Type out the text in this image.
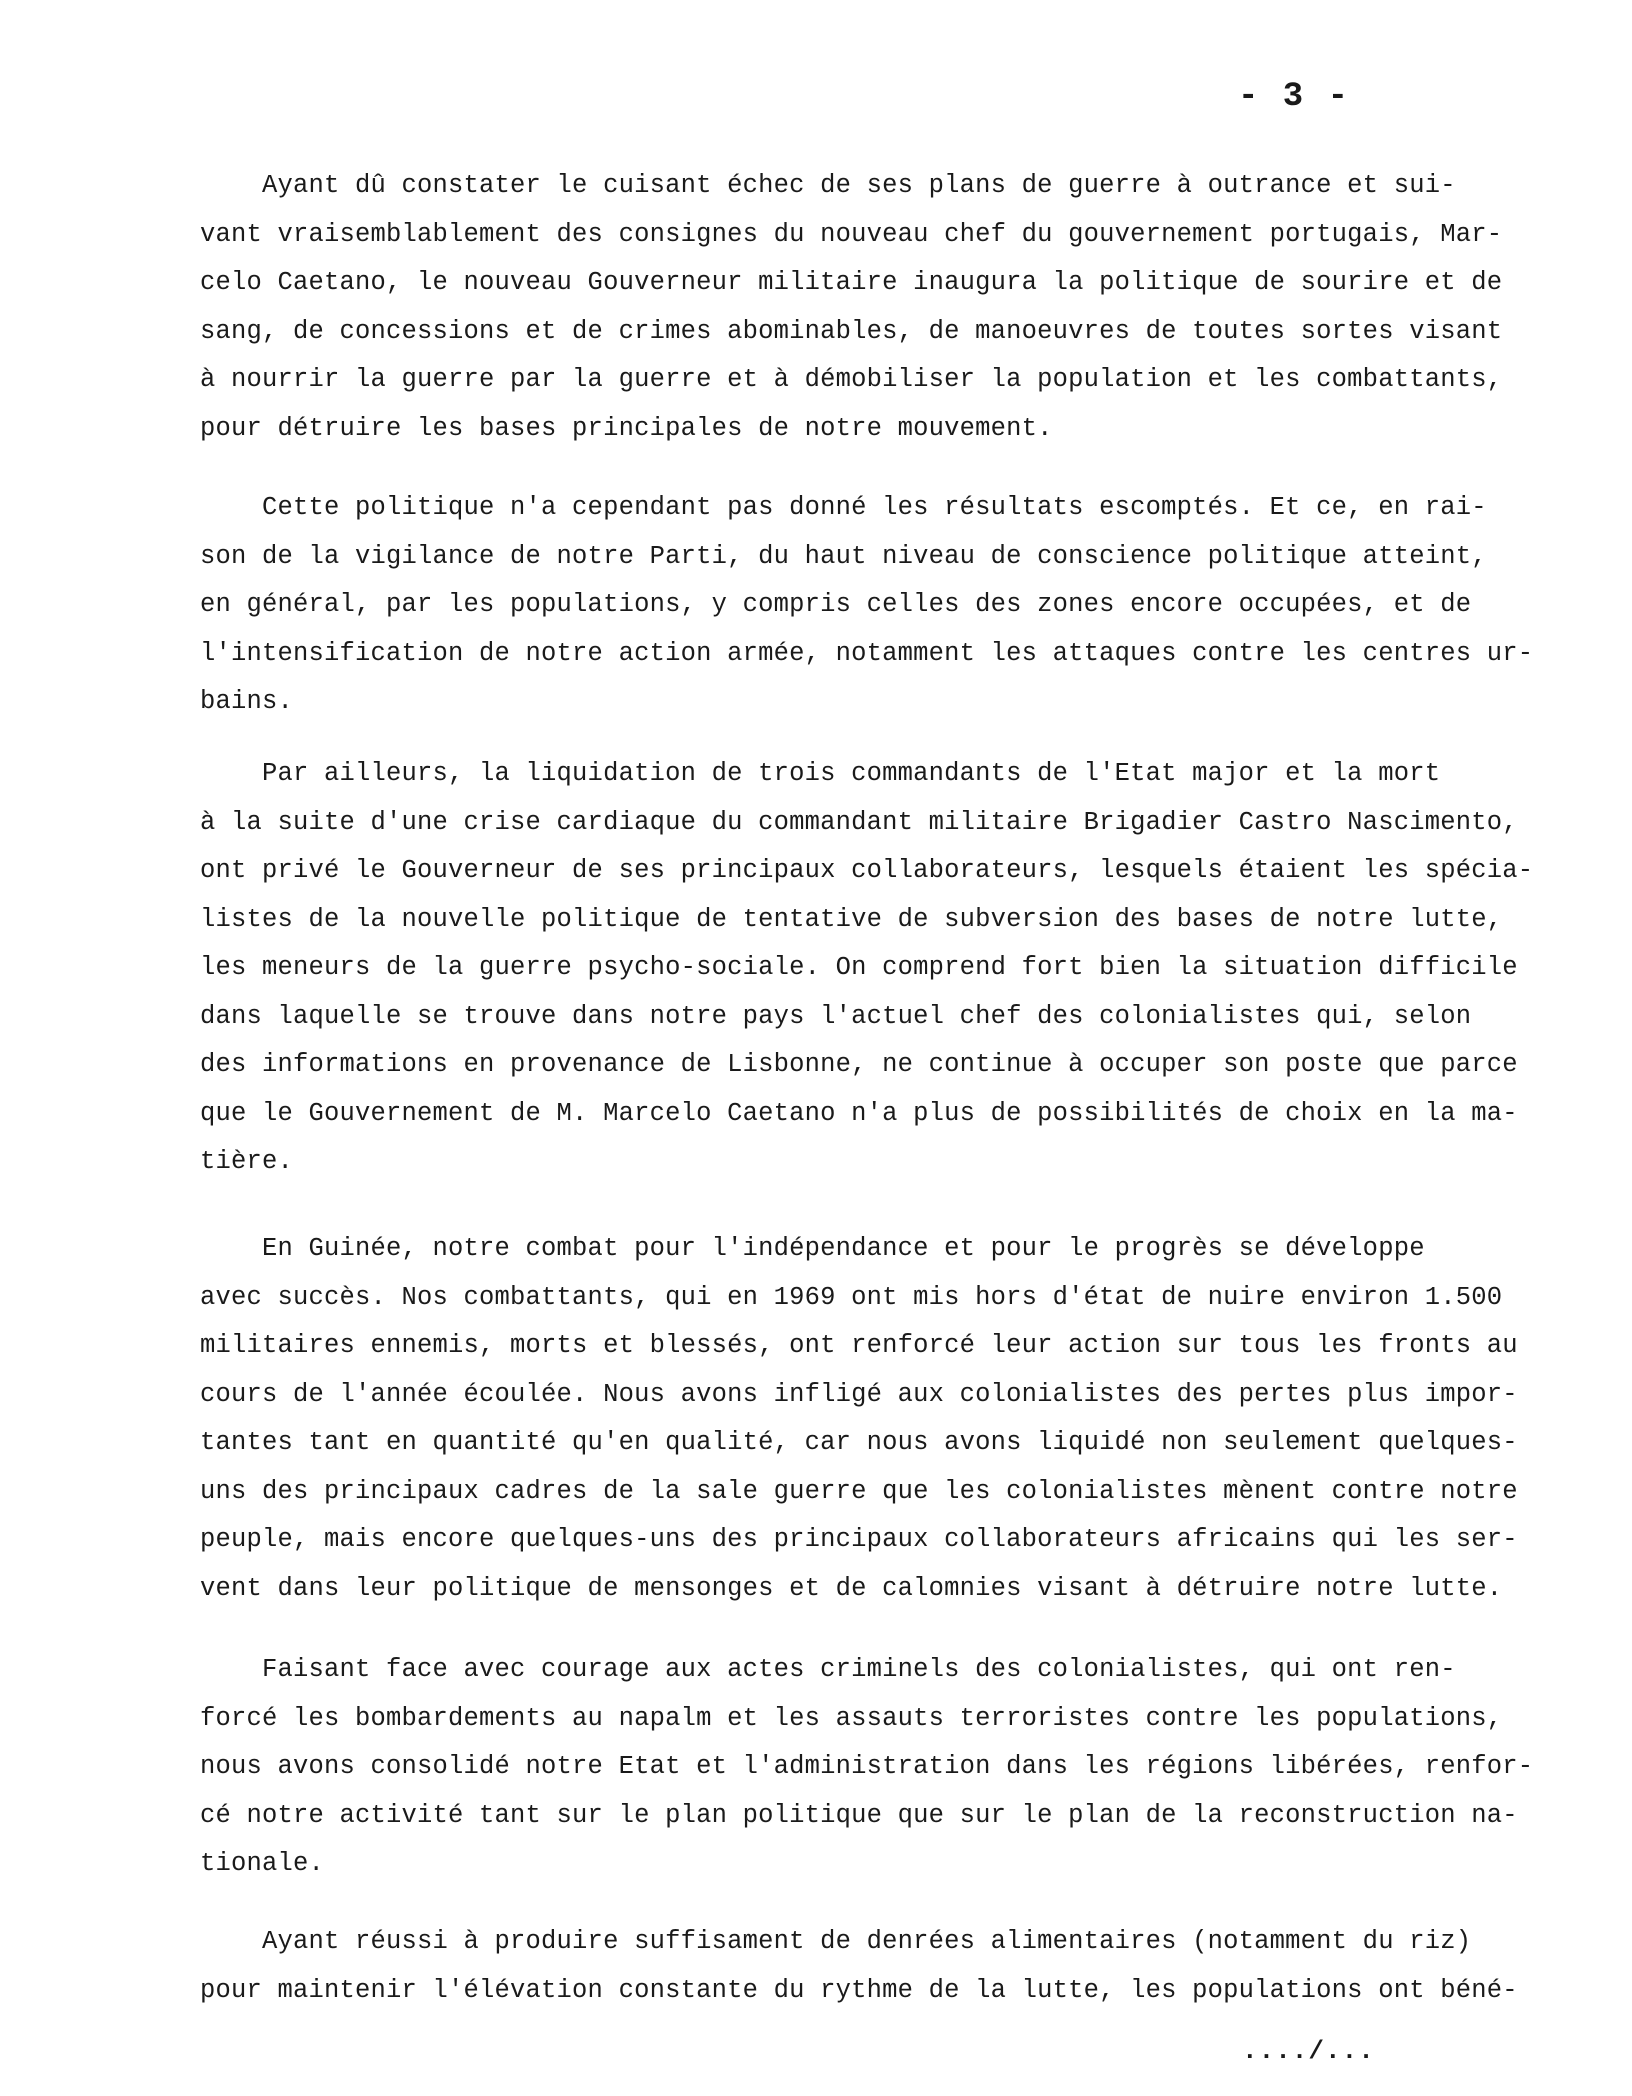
- 3 -
Ayant dû constater le cuisant échec de ses plans de guerre à outrance et sui-
vant vraisemblablement des consignes du nouveau chef du gouvernement portugais, Mar-
celo Caetano, le nouveau Gouverneur militaire inaugura la politique de sourire et de
sang, de concessions et de crimes abominables, de manoeuvres de toutes sortes visant
à nourrir la guerre par la guerre et à démobiliser la population et les combattants,
pour détruire les bases principales de notre mouvement.
Cette politique n'a cependant pas donné les résultats escomptés. Et ce, en rai-
son de la vigilance de notre Parti, du haut niveau de conscience politique atteint,
en général, par les populations, y compris celles des zones encore occupées, et de
l'intensification de notre action armée, notamment les attaques contre les centres ur-
bains.
Par ailleurs, la liquidation de trois commandants de l'Etat major et la mort
à la suite d'une crise cardiaque du commandant militaire Brigadier Castro Nascimento,
ont privé le Gouverneur de ses principaux collaborateurs, lesquels étaient les spécia-
listes de la nouvelle politique de tentative de subversion des bases de notre lutte,
les meneurs de la guerre psycho-sociale. On comprend fort bien la situation difficile
dans laquelle se trouve dans notre pays l'actuel chef des colonialistes qui, selon
des informations en provenance de Lisbonne, ne continue à occuper son poste que parce
que le Gouvernement de M. Marcelo Caetano n'a plus de possibilités de choix en la ma-
tière.
En Guinée, notre combat pour l'indépendance et pour le progrès se développe
avec succès. Nos combattants, qui en 1969 ont mis hors d'état de nuire environ 1.500
militaires ennemis, morts et blessés, ont renforcé leur action sur tous les fronts au
cours de l'année écoulée. Nous avons infligé aux colonialistes des pertes plus impor-
tantes tant en quantité qu'en qualité, car nous avons liquidé non seulement quelques-
uns des principaux cadres de la sale guerre que les colonialistes mènent contre notre
peuple, mais encore quelques-uns des principaux collaborateurs africains qui les ser-
vent dans leur politique de mensonges et de calomnies visant à détruire notre lutte.
Faisant face avec courage aux actes criminels des colonialistes, qui ont ren-
forcé les bombardements au napalm et les assauts terroristes contre les populations,
nous avons consolidé notre Etat et l'administration dans les régions libérées, renfor-
cé notre activité tant sur le plan politique que sur le plan de la reconstruction na-
tionale.
Ayant réussi à produire suffisament de denrées alimentaires (notamment du riz)
pour maintenir l'élévation constante du rythme de la lutte, les populations ont béné-
..../...
